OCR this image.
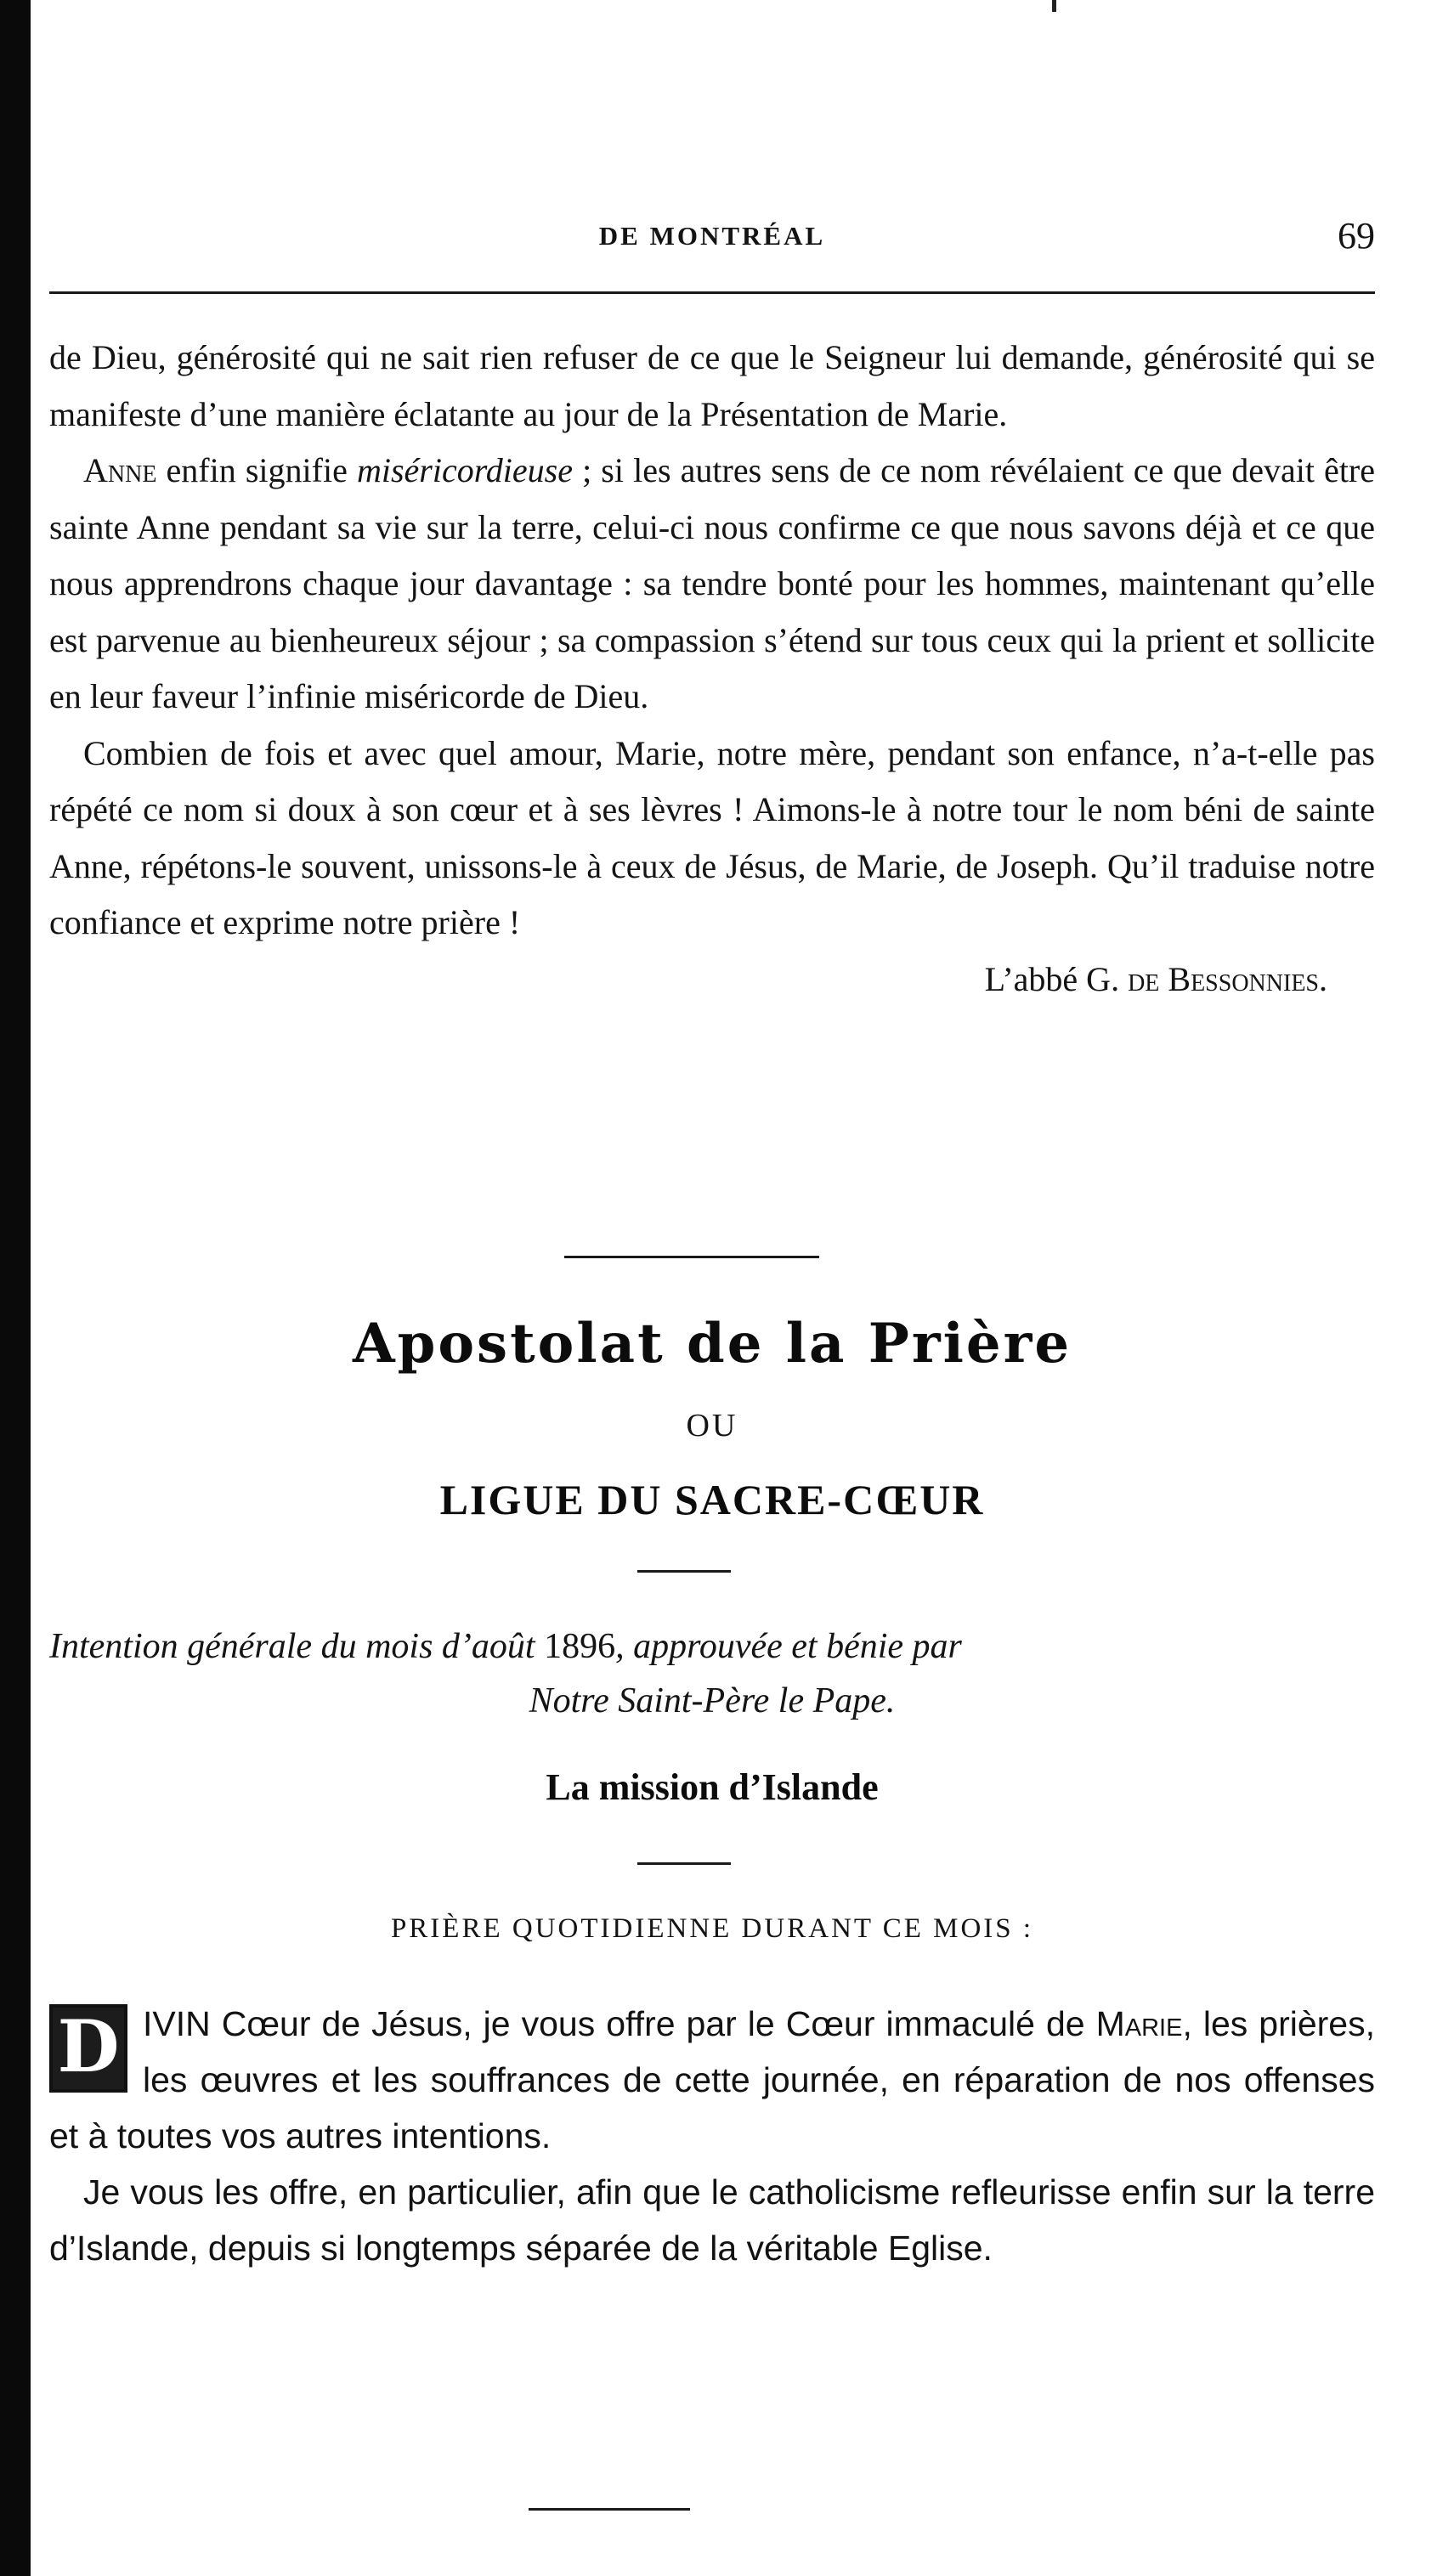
DE MONTRÉAL	69

de Dieu, générosité qui ne sait rien refuser de ce que le Seigneur lui demande, générosité qui se manifeste d’une manière éclatante au jour de la Présentation de Marie.

Anne enfin signifie miséricordieuse ; si les autres sens de ce nom révélaient ce que devait être sainte Anne pendant sa vie sur la terre, celui-ci nous confirme ce que nous savons déjà et ce que nous apprendrons chaque jour davantage : sa tendre bonté pour les hommes, maintenant qu’elle est parvenue au bienheureux séjour ; sa compassion s’étend sur tous ceux qui la prient et sollicite en leur faveur l’infinie miséricorde de Dieu.

Combien de fois et avec quel amour, Marie, notre mère, pendant son enfance, n’a-t-elle pas répété ce nom si doux à son cœur et à ses lèvres ! Aimons-le à notre tour le nom béni de sainte Anne, répétons-le souvent, unissons-le à ceux de Jésus, de Marie, de Joseph. Qu’il traduise notre confiance et exprime notre prière !

L’abbé G. de Bessonnies.

Apostolat de la Prière
OU
LIGUE DU SACRE-CŒUR
Intention générale du mois d’août 1896, approuvée et bénie par
Notre Saint-Père le Pape.
La mission d’Islande
PRIÈRE QUOTIDIENNE DURANT CE MOIS :

D IVIN Cœur de Jésus, je vous offre par le Cœur immaculé de Marie, les prières, les œuvres et les souffrances de cette journée, en réparation de nos offenses et à toutes vos autres intentions.

Je vous les offre, en particulier, afin que le catholicisme refleurisse enfin sur la terre d’Islande, depuis si longtemps séparée de la véritable Eglise.
